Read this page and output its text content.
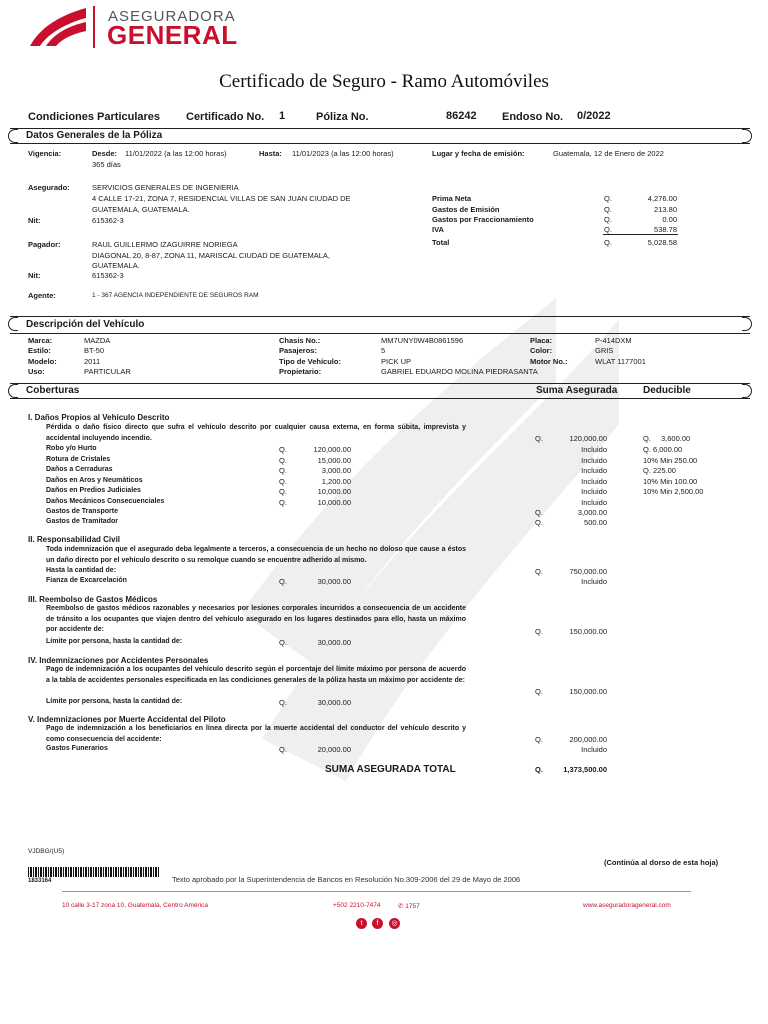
ASEGURADORA
GENERAL
Certificado de Seguro - Ramo Automóviles
Condiciones Particulares Certificado No. 1	Póliza No.	86242 Endoso No. 0/2022
Datos Generales de la Póliza
Vigencia:	Desde: 11/01/2022 (a las 12:00 horas)	Hasta: 11/01/2023 (a las 12:00 horas)
365 días
Lugar y fecha de emisión:	Guatemala, 12 de Enero de 2022
Asegurado:	SERVICIOS GENERALES DE INGENIERIA
4 CALLE 17-21, ZONA 7, RESIDENCIAL VILLAS DE SAN JUAN CIUDAD DE
GUATEMALA, GUATEMALA.
Nit:	615362-3
Prima Neta	Q.	4,276.00
Gastos de Emisión	Q.	213.80
Gastos por Fraccionamiento	Q.	0.00
IVA	Q.	538.78
Total	Q.	5,028.58
Pagador:	RAUL GUILLERMO IZAGUIRRE NORIEGA
DIAGONAL 20, 8-87, ZONA 11, MARISCAL CIUDAD DE GUATEMALA,
GUATEMALA.
Nit:	615362-3
Agente:	1 - 367 AGENCIA INDEPENDIENTE DE SEGUROS RAM
Descripción del Vehículo
Marca:	MAZDA
Estilo:	BT-50
Modelo:	2011
Uso:	PARTICULAR
Chasis No.:	MM7UNY0W4B0861596
Pasajeros:	5
Tipo de Vehículo:	PICK UP
Propietario:	GABRIEL EDUARDO MOLINA PIEDRASANTA
Placa:	P-414DXM
Color:	GRIS
Motor No.:	WLAT 1177001
Coberturas	Suma Asegurada	Deducible
I. Daños Propios al Vehículo Descrito
Pérdida o daño físico directo que sufra el vehículo descrito por cualquier causa externa, en forma súbita, imprevista y accidental incluyendo incendio.	Q.	120,000.00	Q. 3,600.00
Robo y/o Hurto	Q.	120,000.00	Incluido	Q. 6,000.00
Rotura de Cristales	Q.	15,000.00	Incluido	10% Min 250.00
Daños a Cerraduras	Q.	3,000.00	Incluido	Q. 225.00
Daños en Aros y Neumáticos	Q.	1,200.00	Incluido	10% Min 100.00
Daños en Predios Judiciales	Q.	10,000.00	Incluido	10% Min 2,500.00
Daños Mecánicos Consecuenciales	Q.	10,000.00	Incluido
Gastos de Transporte	Q.	3,000.00
Gastos de Tramitador	Q.	500.00
II. Responsabilidad Civil
Toda indemnización que el asegurado deba legalmente a terceros, a consecuencia de un hecho no doloso que cause a éstos un daño directo por el vehículo descrito o su remolque cuando se encuentre adherido al mismo.
Hasta la cantidad de:	Q.	750,000.00
Fianza de Excarcelación	Q.	30,000.00	Incluido
III. Reembolso de Gastos Médicos
Reembolso de gastos médicos razonables y necesarios por lesiones corporales incurridos a consecuencia de un accidente de tránsito a los ocupantes que viajen dentro del vehículo asegurado en los lugares destinados para ello, hasta un máximo por accidente de:	Q.	150,000.00
Límite por persona, hasta la cantidad de:	Q.	30,000.00
IV. Indemnizaciones por Accidentes Personales
Pago de indemnización a los ocupantes del vehículo descrito según el porcentaje del límite máximo por persona de acuerdo a la tabla de accidentes personales especificada en las condiciones generales de la póliza hasta un máximo por accidente de:
Q.	150,000.00
Límite por persona, hasta la cantidad de:	Q.	30,000.00
V. Indemnizaciones por Muerte Accidental del Piloto
Pago de indemnización a los beneficiarios en línea directa por la muerte accidental del conductor del vehículo descrito y como consecuencia del accidente:	Q.	200,000.00
Gastos Funerarios	Q.	20,000.00	Incluido
SUMA ASEGURADA TOTAL	Q.	1,373,500.00
VJDBG/(U5)
(Continúa al dorso de esta hoja)
1833164	Texto aprobado por la Superintendencia de Bancos en Resolución No.309-2006 del 29 de Mayo de 2006
10 calle 3-17 zona 10, Guatemala, Centro América	+502 2210-7474	✆ 1757	www.aseguradorageneral.com
t	f	◎
